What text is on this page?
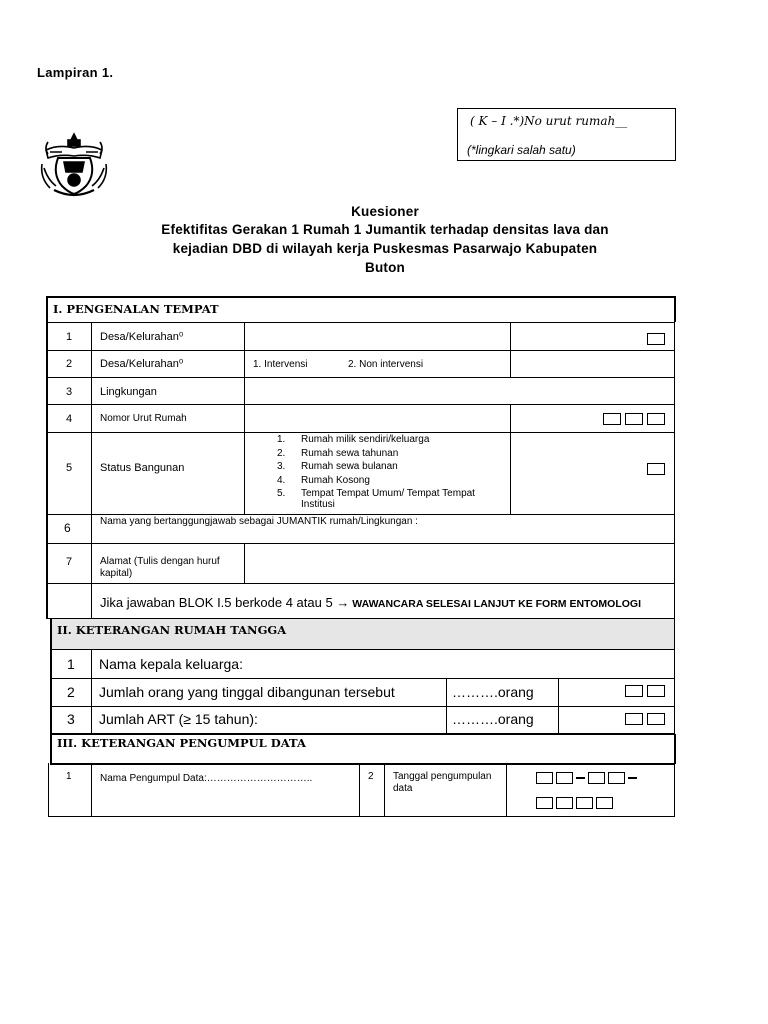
Lampiran 1.
( K – I .*)No urut rumah__
(*lingkari salah satu)
Kuesioner
Efektifitas Gerakan 1 Rumah 1 Jumantik terhadap densitas lava dan
kejadian DBD di wilayah kerja Puskesmas Pasarwajo Kabupaten
Buton
I. PENGENALAN TEMPAT
1	Desa/Kelurahan⁰
2	Desa/Kelurahan⁰	1. Intervensi	2. Non intervensi
3	Lingkungan
4	Nomor Urut Rumah
5	Status Bangunan
1. Rumah milik sendiri/keluarga
2. Rumah sewa tahunan
3. Rumah sewa bulanan
4. Rumah Kosong
5. Tempat Tempat Umum/ Tempat Tempat Institusi
6	Nama yang bertanggungjawab sebagai JUMANTIK rumah/Lingkungan :
7	Alamat (Tulis dengan huruf kapital)
Jika jawaban BLOK I.5 berkode 4 atau 5 → WAWANCARA SELESAI LANJUT KE FORM ENTOMOLOGI
II. KETERANGAN RUMAH TANGGA
1 Nama kepala keluarga:
2 Jumlah orang yang tinggal dibangunan tersebut	……….orang
3 Jumlah ART (≥ 15 tahun):	……….orang
III. KETERANGAN PENGUMPUL DATA
1	Nama Pengumpul Data:…………………………..	2 Tanggal pengumpulan data
